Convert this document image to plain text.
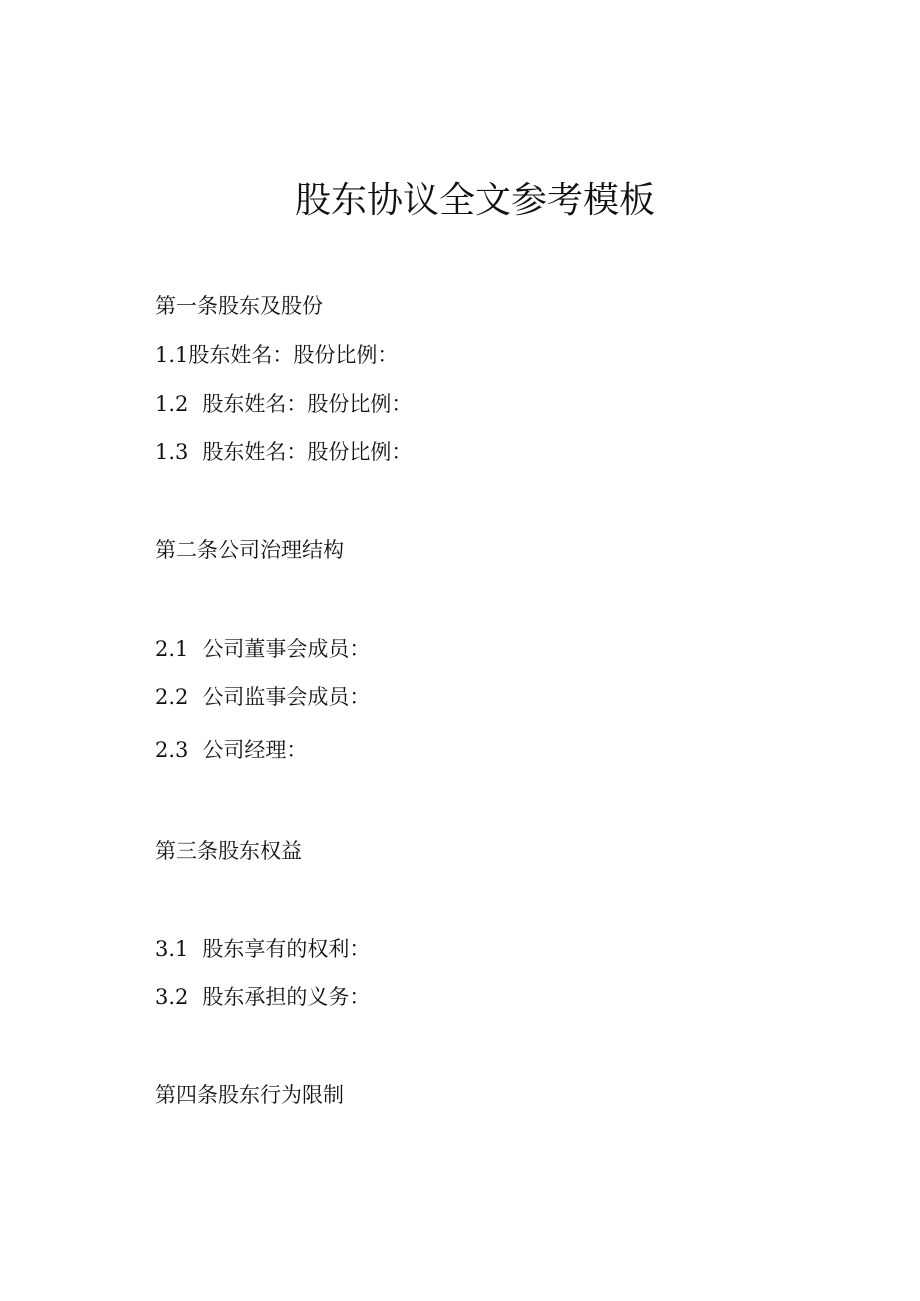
股东协议全文参考模板
第一条股东及股份
1.1股东姓名：股份比例：
1.2 股东姓名：股份比例：
1.3 股东姓名：股份比例：
第二条公司治理结构
2.1 公司董事会成员：
2.2 公司监事会成员：
2.3 公司经理：
第三条股东权益
3.1 股东享有的权利：
3.2 股东承担的义务：
第四条股东行为限制
